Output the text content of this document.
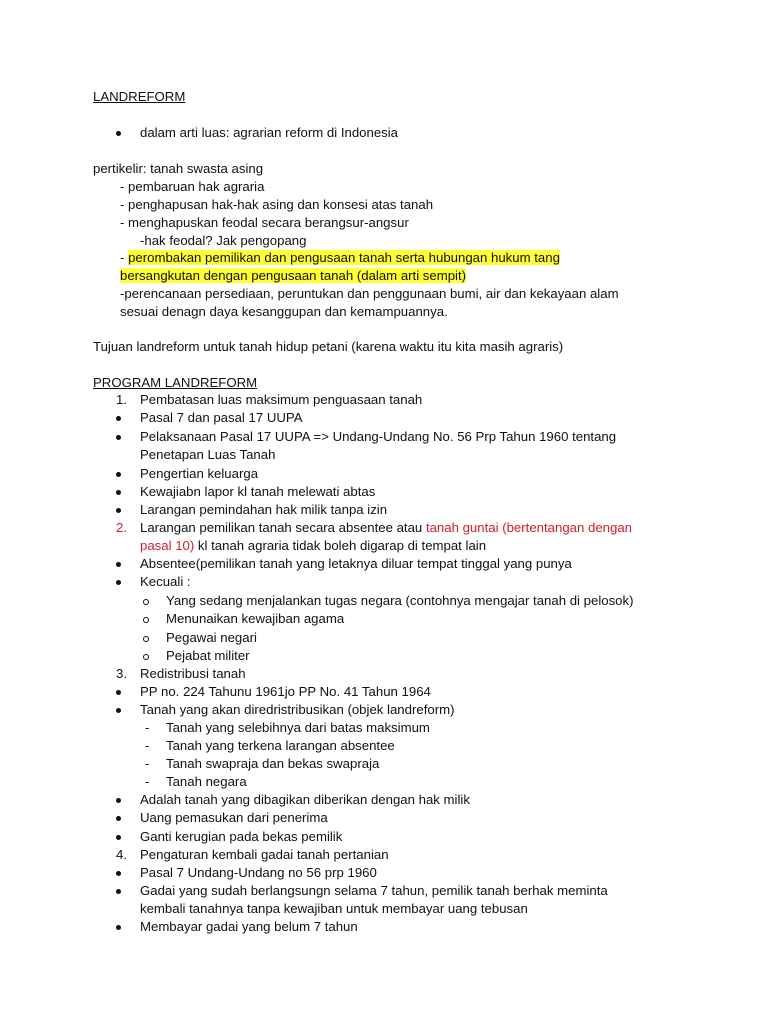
LANDREFORM
dalam arti luas: agrarian reform di Indonesia
pertikelir: tanah swasta asing
- pembaruan hak agraria
- penghapusan hak-hak asing dan konsesi atas tanah
- menghapuskan feodal secara berangsur-angsur
-hak feodal? Jak pengopang
- perombakan pemilikan dan pengusaan tanah serta hubungan hukum tang
bersangkutan dengan pengusaan tanah (dalam arti sempit)
-perencanaan persediaan, peruntukan dan penggunaan bumi, air dan kekayaan alam
sesuai denagn daya kesanggupan dan kemampuannya.
Tujuan landreform untuk tanah hidup petani (karena waktu itu kita masih agraris)
PROGRAM LANDREFORM
1. Pembatasan luas maksimum penguasaan tanah
Pasal 7 dan pasal 17 UUPA
Pelaksanaan Pasal 17 UUPA => Undang-Undang No. 56 Prp Tahun 1960 tentang
Penetapan Luas Tanah
Pengertian keluarga
Kewajiabn lapor kl tanah melewati abtas
Larangan pemindahan hak milik tanpa izin
2. Larangan pemilikan tanah secara absentee atau tanah guntai (bertentangan dengan
pasal 10) kl tanah agraria tidak boleh digarap di tempat lain
Absentee(pemilikan tanah yang letaknya diluar tempat tinggal yang punya
Kecuali :
Yang sedang menjalankan tugas negara (contohnya mengajar tanah di pelosok)
Menunaikan kewajiban agama
Pegawai negari
Pejabat militer
3. Redistribusi tanah
PP no. 224 Tahunu 1961jo PP No. 41 Tahun 1964
Tanah yang akan diredristribusikan (objek landreform)
- Tanah yang selebihnya dari batas maksimum
- Tanah yang terkena larangan absentee
- Tanah swapraja dan bekas swapraja
- Tanah negara
Adalah tanah yang dibagikan diberikan dengan hak milik
Uang pemasukan dari penerima
Ganti kerugian pada bekas pemilik
4. Pengaturan kembali gadai tanah pertanian
Pasal 7 Undang-Undang no 56 prp 1960
Gadai yang sudah berlangsungn selama 7 tahun, pemilik tanah berhak meminta
kembali tanahnya tanpa kewajiban untuk membayar uang tebusan
Membayar gadai yang belum 7 tahun
